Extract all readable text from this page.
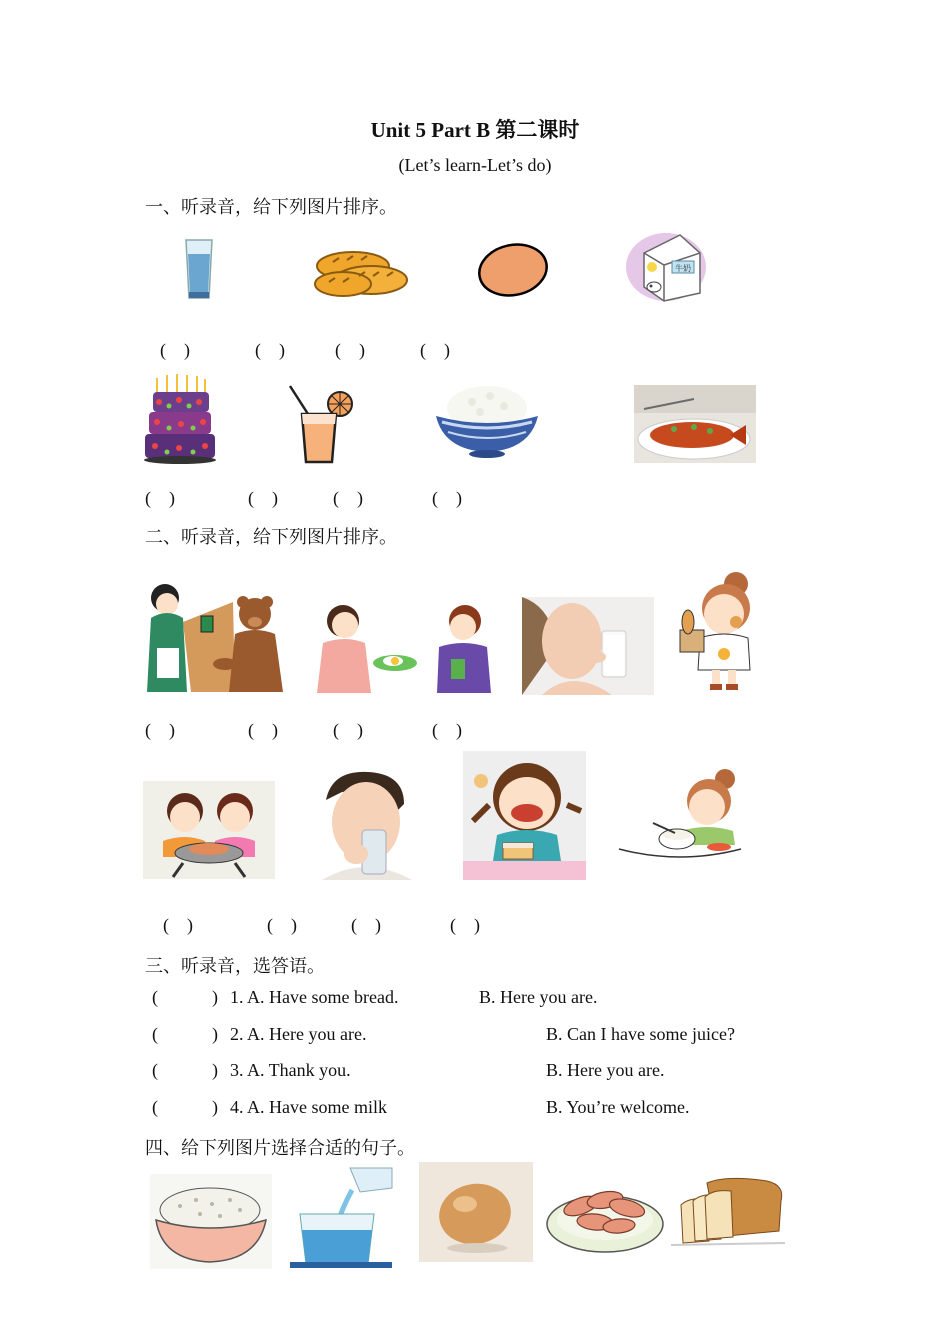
Unit 5 Part B 第二课时
(Let’s learn-Let’s do)
一、听录音，给下列图片排序。
牛奶
(    )	(    )	(    )	(    )
(    )	(    )	(    )	(    )
二、听录音，给下列图片排序。
(    )	(    )	(    )	(    )
(    )	(    )	(    )	(    )
三、听录音，选答语。
(	) 1. A. Have some bread.	B. Here you are.
(	) 2. A. Here you are.	B. Can I have some juice?
(	) 3. A. Thank you.	B. Here you are.
(	) 4. A. Have some milk	B. You’re welcome.
四、给下列图片选择合适的句子。
